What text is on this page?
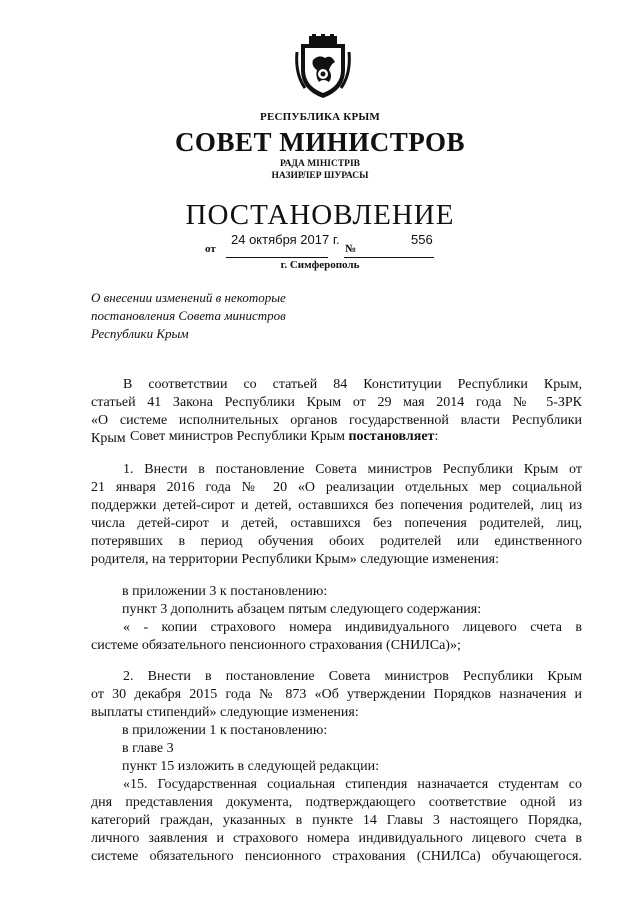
РЕСПУБЛИКА КРЫМ
СОВЕТ МИНИСТРОВ
РАДА МІНІСТРІВ
НАЗИРЛЕР ШУРАСЫ
ПОСТАНОВЛЕНИЕ
от	№
24 октября 2017 г.	556
г. Симферополь
О внесении изменений в некоторые
постановления Совета министров
Республики Крым
В соответствии со статьей 84 Конституции Республики Крым,
статьей 41 Закона Республики Крым от 29 мая 2014 года № 5-ЗРК
«О системе исполнительных органов государственной власти Республики
Крым Совет министров Республики Крым постановляет:
1. Внести в постановление Совета министров Республики Крым от
21 января 2016 года № 20 «О реализации отдельных мер социальной
поддержки детей-сирот и детей, оставшихся без попечения родителей, лиц из
числа детей-сирот и детей, оставшихся без попечения родителей, лиц,
потерявших в период обучения обоих родителей или единственного
родителя, на территории Республики Крым» следующие изменения:
в приложении 3 к постановлению:
пункт 3 дополнить абзацем пятым следующего содержания:
« - копии страхового номера индивидуального лицевого счета в
системе обязательного пенсионного страхования (СНИЛСа)»;
2. Внести в постановление Совета министров Республики Крым
от 30 декабря 2015 года № 873 «Об утверждении Порядков назначения и
выплаты стипендий» следующие изменения:
в приложении 1 к постановлению:
в главе 3
пункт 15 изложить в следующей редакции:
«15. Государственная социальная стипендия назначается студентам со
дня представления документа, подтверждающего соответствие одной из
категорий граждан, указанных в пункте 14 Главы 3 настоящего Порядка,
личного заявления и страхового номера индивидуального лицевого счета в
системе обязательного пенсионного страхования (СНИЛСа) обучающегося.
